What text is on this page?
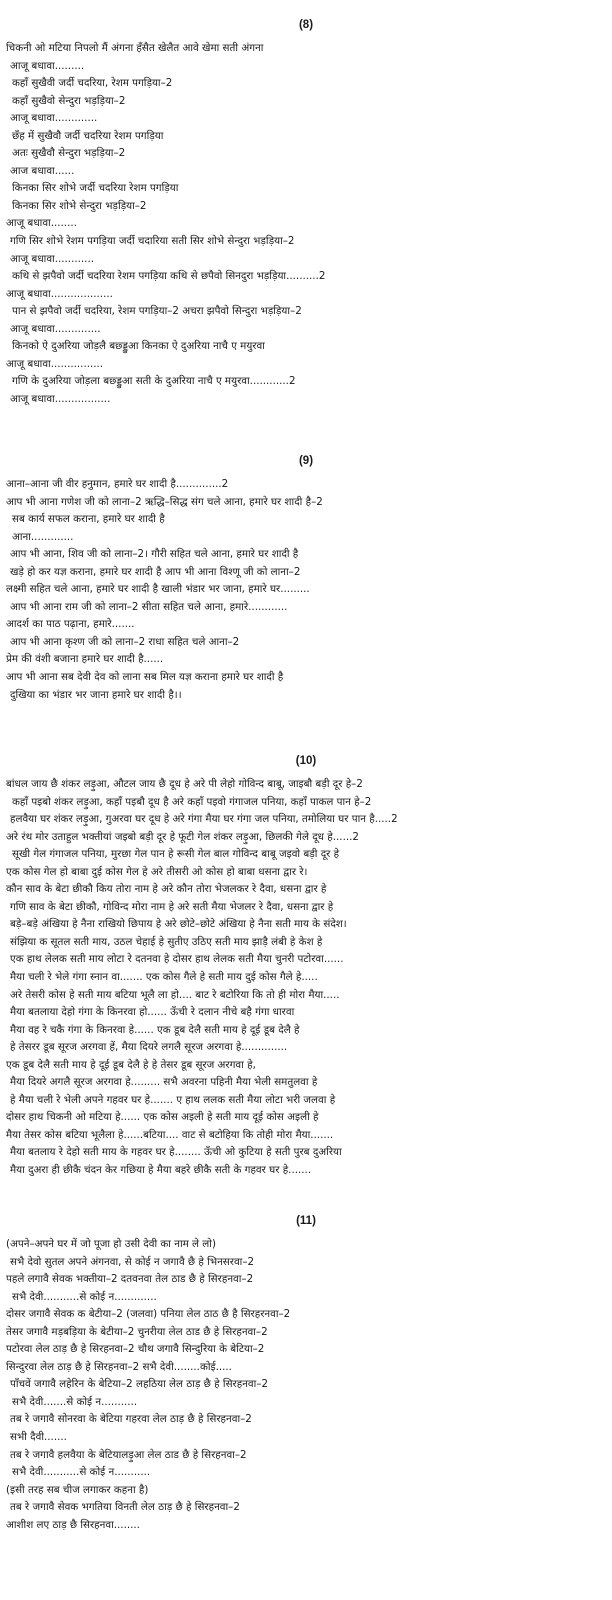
(8)
चिकनी ओ मटिया निपलो मैं अंगना हँसैत खेलैत आवे खेमा सती अंगना
आजू बधावा.........
कहाँ सुखैवी जर्दी चदरिया, रेशम पगड़िया–2
कहाँ सुखैवो सेन्दुरा भड़ड़िया–2
आजू बधावा.............
छँह में सुखैवौ जर्दी चदरिया रेशम पगड़िया
अतः सुखैवौ सेन्दुरा भड़ड़िया–2
आज बधावा......
किनका सिर शोभे जर्दी चदरिया रेशम पगड़िया
किनका सिर शोभे सेन्दुरा भड़ड़िया–2
आजू बधावा........
गणि सिर शोभे रेशम पगड़िया जर्दी चदारिया सती सिर शोभे सेन्दुरा भड़ड़िया–2
आजू बधावा............
कथि से झपैवो जर्दी चदरिया रेशम पगड़िया कथि से छपैवो सिनदुरा भड़ड़िया..........2
आजू बधावा...................
पान से झपैवो जर्दी चदरिया, रेशम पगड़िया–2 अचरा झपैवो सिन्दुरा भड़ड़िया–2
आजू बधावा..............
किनको ऐ दुअरिया जोड़लै बछ्ड्डुआ किनका ऐ दुअरिया नाचै ए मयुरवा
आजू बधावा................
गणि के दुअरिया जोड़ला बछ्ड्डुआ सती के दुअरिया नाचै ए मयुरवा............2
आजू बधावा.................
(9)
आना–आना जी वीर हनुमान, हमारे घर शादी है..............2
आप भी आना गणेश जी को लाना–2 ऋद्धि–सिद्ध संग चले आना, हमारे घर शादी है–2
सब कार्य सफल कराना, हमारे घर शादी है
आना.............
आप भी आना, शिव जी को लाना–2। गौरी सहित चले आना, हमारे घर शादी है
खड़े हो कर यज्ञ कराना, हमारे घर शादी है आप भी आना विश्णू जी को लाना–2
लक्ष्मी सहित चले आना, हमारे घर शादी है खाली भंडार भर जाना, हमारे घर.........
आप भी आना राम जी को लाना–2 सीता सहित चले आना, हमारे............
आदर्श का पाठ पढ़ाना, हमारे.......
आप भी आना कृश्ण जी को लाना–2 राधा सहित चले आना–2
प्रेम की वंशी बजाना हमारे घर शादी है......
आप भी आना सब देवी देव को लाना सब मिल यज्ञ कराना हमारे घर शादी है
दुखिया का भंडार भर जाना हमारे घर शादी है।।
(10)
बांधल जाय छै शंकर लड़ुआ, औटल जाय छै दूध हे अरे पी लेहो गोविन्द बाबू, जाइबौ बड़ी दूर हे–2
कहाँ पइबो शंकर लड़ुआ, कहाँ पइबौ दूध है अरे कहाँ पइवो गंगाजल पनिया, कहाँ पाकल पान हे–2
हलवैया घर शंकर लड़ुआ, गुअरवा घर दूध हे अरे गंगा मैया घर गंगा जल पनिया, तमोलिया घर पान है.....2
अरे रंथ मोर उताहुल भक्तीयां जइबो बड़ी दूर हे फूटी गेल शंकर लड़ुआ, छिलकी गेले दूध हे......2
सूखी गेल गंगाजल पनिया, मुरछा गेल पान हे रूसी गेल बाल गोविन्द बाबू जइवो बड़ी दूर हे
एक कोस गेल हो बाबा दुई कोस गेल हे अरे तीसरी ओ कोस हो बाबा धसना द्वार रे।
कौन साव के बेटा छीकौ किय तोरा नाम हे अरे कौन तोरा भेजलकर रे दैवा, धसना द्वार हे
गणि साव के बेटा छीकौ, गोविन्द मोरा नाम हे अरे सती मैया भेजलर रे दैवा, धसना द्वार हे
बड़े–बड़े अंखिया हे नैना राखियो छिपाय हे अरे छोटे–छोटे अंखिया हे नैना सती माय के संदेश।
संझिया क सूतल सती माय, उठल चेहाई हे सुतीए उठिए सती माय झाड़ै लंबी हे केश हे
एक हाथ लेलक सती माय लोटा रे दतनवा हे दोसर हाथ लेलक सती मैया चुनरी पटोरवा......
मैया चली रे भेले गंगा स्नान वा....... एक कोस गैले हे सती माय दुई कोस गैले हे.....
अरे तेसरी कोस हे सती माय बटिया भूलै ला हो.... बाट रे बटोरिया कि तो ही मोरा मैया.....
मैया बतलाया देहो गंगा के किनरवा हो...... ऊँची रे दलान नीचे बहै गंगा धारवा
मैया वह रे चकै गंगा के किनरवा हे...... एक डूब देलै सती माय हे दूई डूब देलै हे
हे तेसरर डूब सूरज अरगवा हें, मैया दियरे लगलै सूरज अरगवा हे..............
एक डूब देलै सती माय हे दूई डूब देलै हे हे तेसर डूब सूरज अरगवा हे,
मैया दियरे अगलै सूरज अरगवा हे......... सभै अवरना पहिनी मैया भेली समतुलवा हे
हे मैया चली रे भेली अपने गहवर घर हे....... ए हाथ ललक सती मैया लोटा भरी जलवा हे
दोसर हाथ चिकनी ओ मटिया हे...... एक कोस अइली हे सती माय दूई कोस अइली हे
मैया तेसर कोस बटिया भूलैला हे......बटिया.... वाट से बटोहिया कि तोही मोरा मैया.......
मैया बतलाय रे देहो सती माय के गहवर घर हे........ ऊँची ओ कुटिया हे सती पुरब दुअरिया
मैया दुअरा ही छीकै चंदन केर गछिया हे मैया बहरे छीकै सती के गहवर घर हे.......
(11)
(अपने–अपने घर में जो पूजा हो उसी देवी का नाम ले लो)
सभै देवो सुतल अपने अंगनवा, से कोई न जगावै छै हे भिनसरवा–2
पहले लगावै सेवक भक्तीया–2 दतवनवा तेल ठाड छै हे सिरहनवा–2
सभै देवी...........से कोई न.............
दोसर जगावै सेवक क बेटीया–2 (जलवा) पनिया लेल ठाठ छै है सिरहरनवा–2
तेसर जगावै मड़बड़िया के बेटीया–2 चुनरीया लेल ठाड छै हे सिरहनवा–2
पटोरवा लेल ठाड़ छै हे सिरहनवा–2 चौथ जगावै सिन्दुरिया के बेटिया–2
सिन्दुरवा लेल ठाड़ छै हे सिरहनवा–2 सभै देवी........कोई.....
पाँचवें जगावै लहेरिन के बेटिया–2 लहठिया लेल ठाड़ छै हे सिरहनवा–2
सभै देवी.......से कोई न...........
तब रे जगावै सोनरवा के बेटिया गहरवा लेल ठाड़ छै हे सिरहनवा–2
सभी दैवी.......
तब रे जगावै हलवैया के बेटियालड़ुआ लेल ठाड छै हे सिरहनवा–2
सभै देवी...........से कोई न...........
(इसी तरह सब चीज लगाकर कहना है)
तब रे जगावै सेवक भगतिया विनती लेल ठाड़ छै हे सिरहनवा–2
आशीश लए ठाड़ छै सिरहनवा........
